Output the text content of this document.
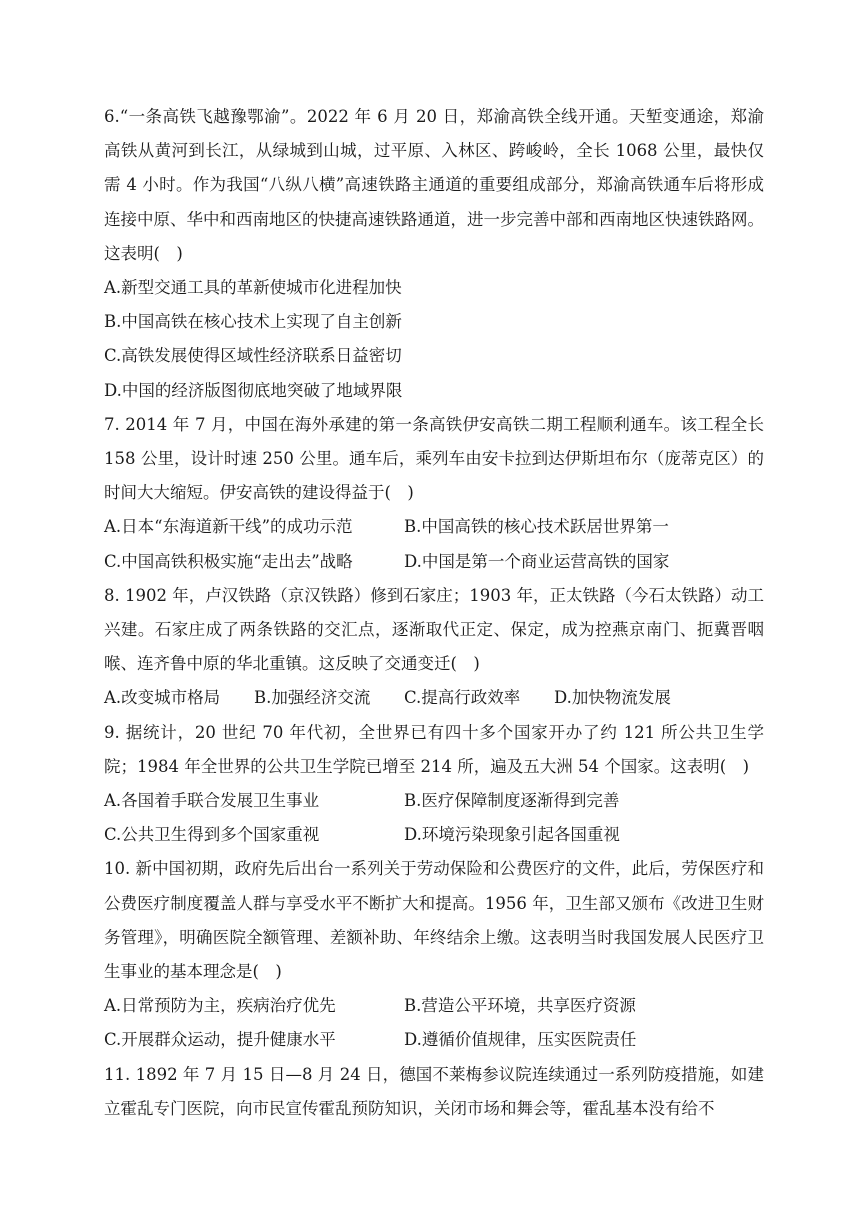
6.“一条高铁飞越豫鄂渝”。2022 年 6 月 20 日，郑渝高铁全线开通。天堑变通途，郑渝高铁从黄河到长江，从绿城到山城，过平原、入林区、跨峻岭，全长 1068 公里，最快仅需 4 小时。作为我国“八纵八横”高速铁路主通道的重要组成部分，郑渝高铁通车后将形成连接中原、华中和西南地区的快捷高速铁路通道，进一步完善中部和西南地区快速铁路网。这表明(　)
A.新型交通工具的革新使城市化进程加快
B.中国高铁在核心技术上实现了自主创新
C.高铁发展使得区域性经济联系日益密切
D.中国的经济版图彻底地突破了地域界限
7. 2014 年 7 月，中国在海外承建的第一条高铁伊安高铁二期工程顺利通车。该工程全长 158 公里，设计时速 250 公里。通车后，乘列车由安卡拉到达伊斯坦布尔（庞蒂克区）的时间大大缩短。伊安高铁的建设得益于(　)
A.日本“东海道新干线”的成功示范	B.中国高铁的核心技术跃居世界第一
C.中国高铁积极实施“走出去”战略	D.中国是第一个商业运营高铁的国家
8. 1902 年，卢汉铁路（京汉铁路）修到石家庄；1903 年，正太铁路（今石太铁路）动工兴建。石家庄成了两条铁路的交汇点，逐渐取代正定、保定，成为控燕京南门、扼冀晋咽喉、连齐鲁中原的华北重镇。这反映了交通变迁(　)
A.改变城市格局	B.加强经济交流	C.提高行政效率	D.加快物流发展
9. 据统计，20 世纪 70 年代初，全世界已有四十多个国家开办了约 121 所公共卫生学院；1984 年全世界的公共卫生学院已增至 214 所，遍及五大洲 54 个国家。这表明(　)
A.各国着手联合发展卫生事业	B.医疗保障制度逐渐得到完善
C.公共卫生得到多个国家重视	D.环境污染现象引起各国重视
10. 新中国初期，政府先后出台一系列关于劳动保险和公费医疗的文件，此后，劳保医疗和公费医疗制度覆盖人群与享受水平不断扩大和提高。1956 年，卫生部又颁布《改进卫生财务管理》，明确医院全额管理、差额补助、年终结余上缴。这表明当时我国发展人民医疗卫生事业的基本理念是(　)
A.日常预防为主，疾病治疗优先	B.营造公平环境，共享医疗资源
C.开展群众运动，提升健康水平	D.遵循价值规律，压实医院责任
11. 1892 年 7 月 15 日—8 月 24 日，德国不莱梅参议院连续通过一系列防疫措施，如建立霍乱专门医院，向市民宣传霍乱预防知识，关闭市场和舞会等，霍乱基本没有给不
